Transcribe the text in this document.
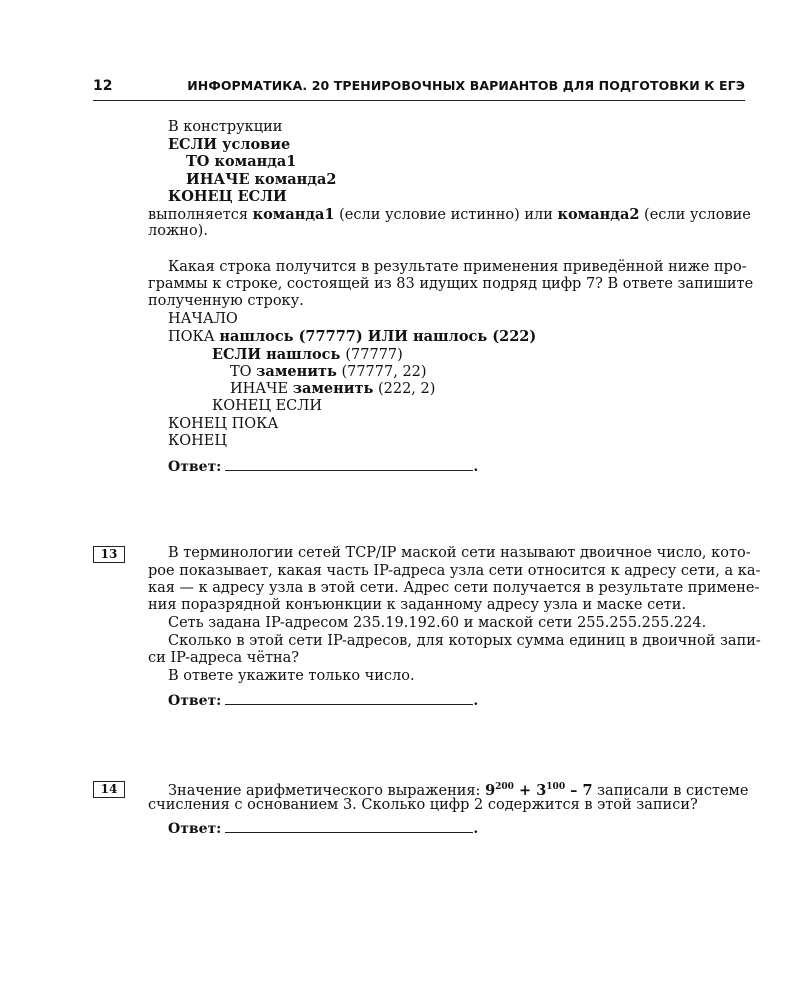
12	ИНФОРМАТИКА. 20 ТРЕНИРОВОЧНЫХ ВАРИАНТОВ ДЛЯ ПОДГОТОВКИ К ЕГЭ
В конструкции
ЕСЛИ условие
ТО команда1
ИНАЧЕ команда2
КОНЕЦ ЕСЛИ
выполняется команда1 (если условие истинно) или команда2 (если условие
ложно).
Какая строка получится в результате применения приведённой ниже про-
граммы к строке, состоящей из 83 идущих подряд цифр 7? В ответе запишите
полученную строку.
НАЧАЛО
ПОКА нашлось (77777) ИЛИ нашлось (222)
ЕСЛИ нашлось (77777)
ТО заменить (77777, 22)
ИНАЧЕ заменить (222, 2)
КОНЕЦ ЕСЛИ
КОНЕЦ ПОКА
КОНЕЦ
Ответ:	.
13	В терминологии сетей TCP/IP маской сети называют двоичное число, кото-
рое показывает, какая часть IP-адреса узла сети относится к адресу сети, а ка-
кая — к адресу узла в этой сети. Адрес сети получается в результате примене-
ния поразрядной конъюнкции к заданному адресу узла и маске сети.
Сеть задана IP-адресом 235.19.192.60 и маской сети 255.255.255.224.
Сколько в этой сети IP-адресов, для которых сумма единиц в двоичной запи-
си IP-адреса чётна?
В ответе укажите только число.
Ответ:	.
14	Значение арифметического выражения: $9^{200} + 3^{100} - 7$ записали в системе
счисления с основанием 3. Сколько цифр 2 содержится в этой записи?
Ответ:	.
